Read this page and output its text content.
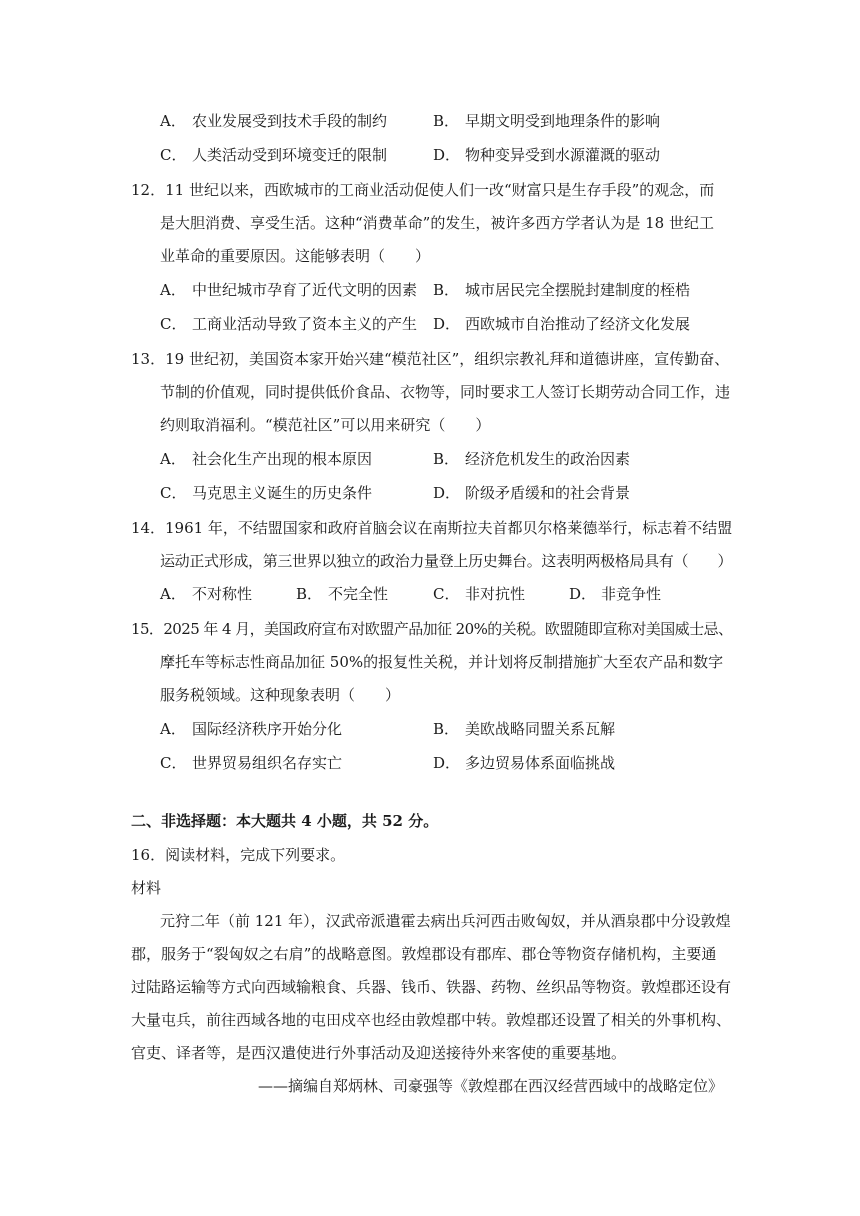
A． 农业发展受到技术手段的制约	B． 早期文明受到地理条件的影响
C． 人类活动受到环境变迁的限制	D． 物种变异受到水源灌溉的驱动
12．11 世纪以来，西欧城市的工商业活动促使人们一改“财富只是生存手段”的观念，而
是大胆消费、享受生活。这种“消费革命”的发生，被许多西方学者认为是 18 世纪工
业革命的重要原因。这能够表明（　　）
A． 中世纪城市孕育了近代文明的因素 B． 城市居民完全摆脱封建制度的桎梏
C． 工商业活动导致了资本主义的产生 D． 西欧城市自治推动了经济文化发展
13．19 世纪初，美国资本家开始兴建“模范社区”，组织宗教礼拜和道德讲座，宣传勤奋、
节制的价值观，同时提供低价食品、衣物等，同时要求工人签订长期劳动合同工作，违
约则取消福利。“模范社区”可以用来研究（　　）
A． 社会化生产出现的根本原因	B． 经济危机发生的政治因素
C． 马克思主义诞生的历史条件	D． 阶级矛盾缓和的社会背景
14．1961 年，不结盟国家和政府首脑会议在南斯拉夫首都贝尔格莱德举行，标志着不结盟
运动正式形成，第三世界以独立的政治力量登上历史舞台。这表明两极格局具有（　　）
A． 不对称性	B． 不完全性	C． 非对抗性	D． 非竞争性
15．2025 年 4 月，美国政府宣布对欧盟产品加征 20%的关税。欧盟随即宣称对美国威士忌、
摩托车等标志性商品加征 50%的报复性关税，并计划将反制措施扩大至农产品和数字
服务税领域。这种现象表明（　　）
A． 国际经济秩序开始分化	B． 美欧战略同盟关系瓦解
C． 世界贸易组织名存实亡	D． 多边贸易体系面临挑战
二、非选择题：本大题共 4 小题，共 52 分。
16．阅读材料，完成下列要求。
材料
元狩二年（前 121 年），汉武帝派遣霍去病出兵河西击败匈奴，并从酒泉郡中分设敦煌
郡，服务于“裂匈奴之右肩”的战略意图。敦煌郡设有郡库、郡仓等物资存储机构，主要通
过陆路运输等方式向西域输粮食、兵器、钱币、铁器、药物、丝织品等物资。敦煌郡还设有
大量屯兵，前往西域各地的屯田戍卒也经由敦煌郡中转。敦煌郡还设置了相关的外事机构、
官吏、译者等，是西汉遣使进行外事活动及迎送接待外来客使的重要基地。
——摘编自郑炳林、司豪强等《敦煌郡在西汉经营西域中的战略定位》
